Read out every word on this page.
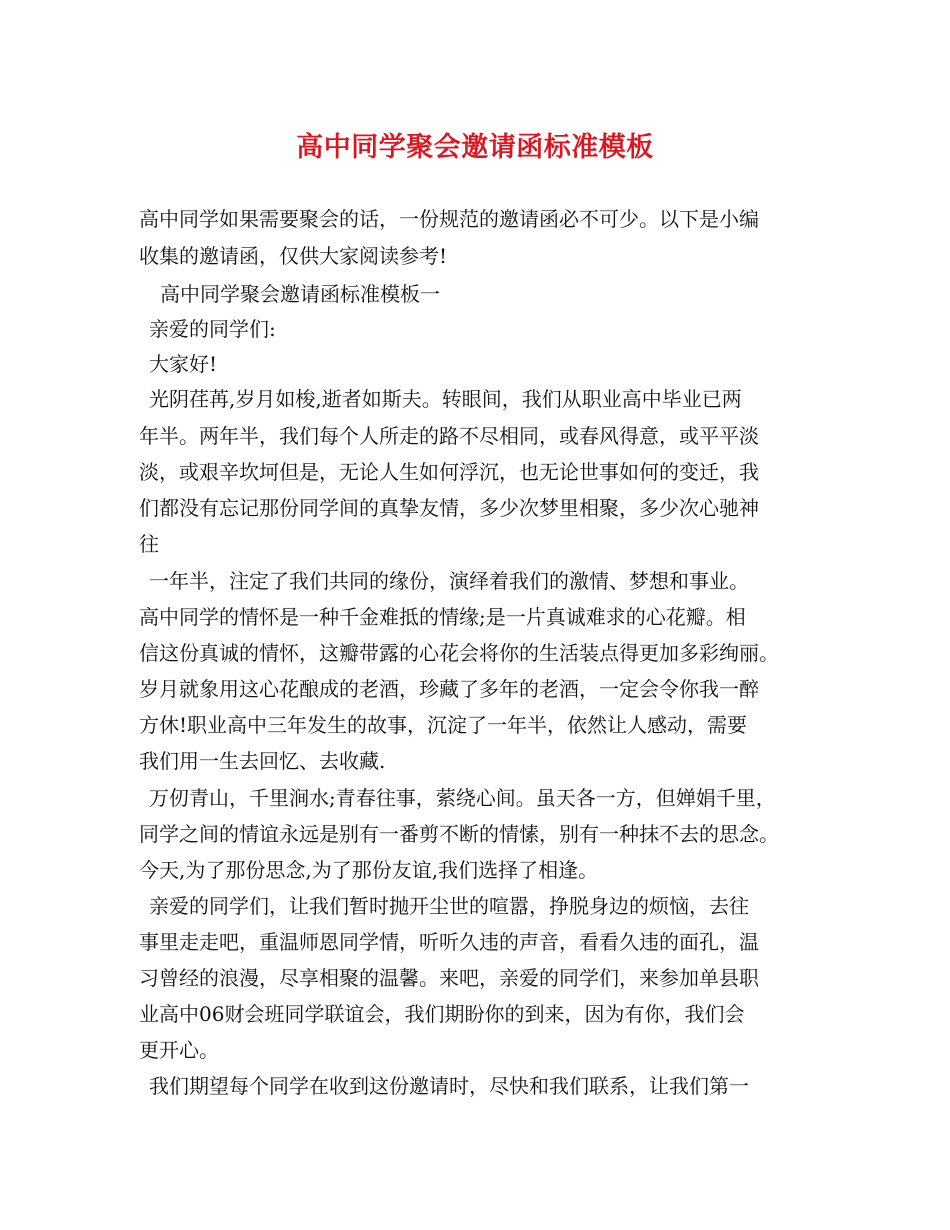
高中同学聚会邀请函标准模板
高中同学如果需要聚会的话，一份规范的邀请函必不可少。以下是小编
收集的邀请函，仅供大家阅读参考!
高中同学聚会邀请函标准模板一
亲爱的同学们:
大家好!
光阴荏苒,岁月如梭,逝者如斯夫。转眼间，我们从职业高中毕业已两
年半。两年半，我们每个人所走的路不尽相同，或春风得意，或平平淡
淡，或艰辛坎坷但是，无论人生如何浮沉，也无论世事如何的变迁，我
们都没有忘记那份同学间的真挚友情，多少次梦里相聚，多少次心驰神
往
一年半，注定了我们共同的缘份，演绎着我们的激情、梦想和事业。
高中同学的情怀是一种千金难抵的情缘;是一片真诚难求的心花瓣。相
信这份真诚的情怀，这瓣带露的心花会将你的生活装点得更加多彩绚丽。
岁月就象用这心花酿成的老酒，珍藏了多年的老酒，一定会令你我一醉
方休!职业高中三年发生的故事，沉淀了一年半，依然让人感动，需要
我们用一生去回忆、去收藏.
万仞青山，千里涧水;青春往事，萦绕心间。虽天各一方，但婵娟千里，
同学之间的情谊永远是别有一番剪不断的情愫，别有一种抹不去的思念。
今天,为了那份思念,为了那份友谊,我们选择了相逢。
亲爱的同学们，让我们暂时抛开尘世的喧嚣，挣脱身边的烦恼，去往
事里走走吧，重温师恩同学情，听听久违的声音，看看久违的面孔，温
习曾经的浪漫，尽享相聚的温馨。来吧，亲爱的同学们，来参加单县职
业高中06财会班同学联谊会，我们期盼你的到来，因为有你，我们会
更开心。
我们期望每个同学在收到这份邀请时，尽快和我们联系，让我们第一
